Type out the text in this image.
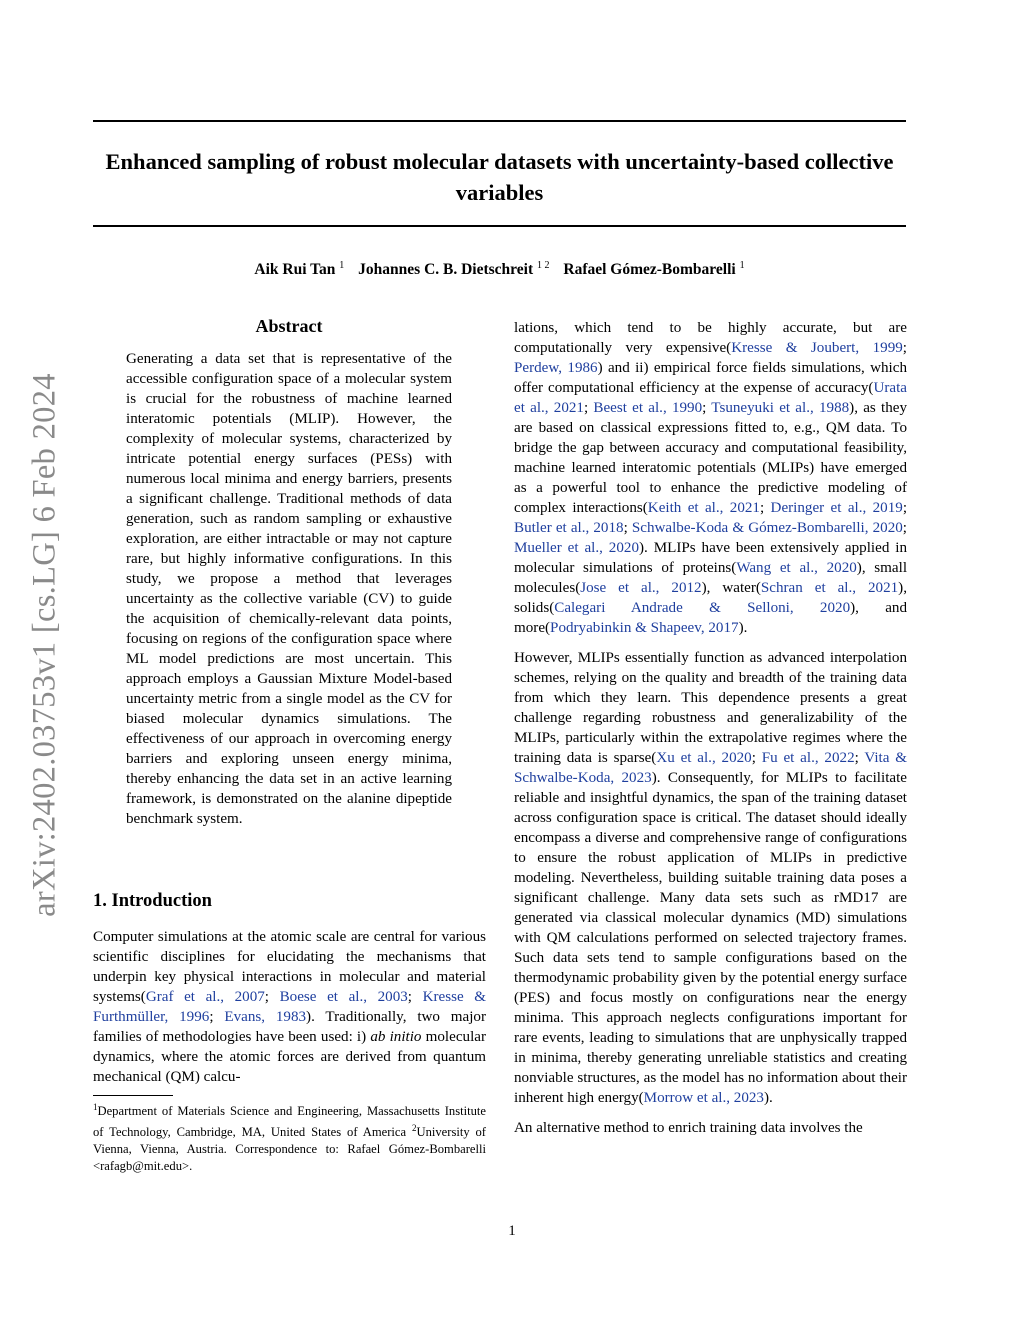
Enhanced sampling of robust molecular datasets with uncertainty-based collective variables
Aik Rui Tan $^1$ Johannes C. B. Dietschreit $^{1 2}$ Rafael Gómez-Bombarelli $^1$
arXiv:2402.03753v1 [cs.LG] 6 Feb 2024
Abstract
Generating a data set that is representative of the accessible configuration space of a molecular system is crucial for the robustness of machine learned interatomic potentials (MLIP). However, the complexity of molecular systems, characterized by intricate potential energy surfaces (PESs) with numerous local minima and energy barriers, presents a significant challenge. Traditional methods of data generation, such as random sampling or exhaustive exploration, are either intractable or may not capture rare, but highly informative configurations. In this study, we propose a method that leverages uncertainty as the collective variable (CV) to guide the acquisition of chemically-relevant data points, focusing on regions of the configuration space where ML model predictions are most uncertain. This approach employs a Gaussian Mixture Model-based uncertainty metric from a single model as the CV for biased molecular dynamics simulations. The effectiveness of our approach in overcoming energy barriers and exploring unseen energy minima, thereby enhancing the data set in an active learning framework, is demonstrated on the alanine dipeptide benchmark system.
1. Introduction
Computer simulations at the atomic scale are central for various scientific disciplines for elucidating the mechanisms that underpin key physical interactions in molecular and material systems(Graf et al., 2007; Boese et al., 2003; Kresse & Furthmüller, 1996; Evans, 1983). Traditionally, two major families of methodologies have been used: i) ab initio molecular dynamics, where the atomic forces are derived from quantum mechanical (QM) calcu-
$^1$Department of Materials Science and Engineering, Massachusetts Institute of Technology, Cambridge, MA, United States of America $^2$University of Vienna, Vienna, Austria. Correspondence to: Rafael Gómez-Bombarelli <rafagb@mit.edu>.

lations, which tend to be highly accurate, but are computationally very expensive(Kresse & Joubert, 1999; Perdew, 1986) and ii) empirical force fields simulations, which offer computational efficiency at the expense of accuracy(Urata et al., 2021; Beest et al., 1990; Tsuneyuki et al., 1988), as they are based on classical expressions fitted to, e.g., QM data. To bridge the gap between accuracy and computational feasibility, machine learned interatomic potentials (MLIPs) have emerged as a powerful tool to enhance the predictive modeling of complex interactions(Keith et al., 2021; Deringer et al., 2019; Butler et al., 2018; Schwalbe-Koda & Gómez-Bombarelli, 2020; Mueller et al., 2020). MLIPs have been extensively applied in molecular simulations of proteins(Wang et al., 2020), small molecules(Jose et al., 2012), water(Schran et al., 2021), solids(Calegari Andrade & Selloni, 2020), and more(Podryabinkin & Shapeev, 2017).

However, MLIPs essentially function as advanced interpolation schemes, relying on the quality and breadth of the training data from which they learn. This dependence presents a great challenge regarding robustness and generalizability of the MLIPs, particularly within the extrapolative regimes where the training data is sparse(Xu et al., 2020; Fu et al., 2022; Vita & Schwalbe-Koda, 2023). Consequently, for MLIPs to facilitate reliable and insightful dynamics, the span of the training dataset across configuration space is critical. The dataset should ideally encompass a diverse and comprehensive range of configurations to ensure the robust application of MLIPs in predictive modeling. Nevertheless, building suitable training data poses a significant challenge. Many data sets such as rMD17 are generated via classical molecular dynamics (MD) simulations with QM calculations performed on selected trajectory frames. Such data sets tend to sample configurations based on the thermodynamic probability given by the potential energy surface (PES) and focus mostly on configurations near the energy minima. This approach neglects configurations important for rare events, leading to simulations that are unphysically trapped in minima, thereby generating unreliable statistics and creating nonviable structures, as the model has no information about their inherent high energy(Morrow et al., 2023).

An alternative method to enrich training data involves the

1
